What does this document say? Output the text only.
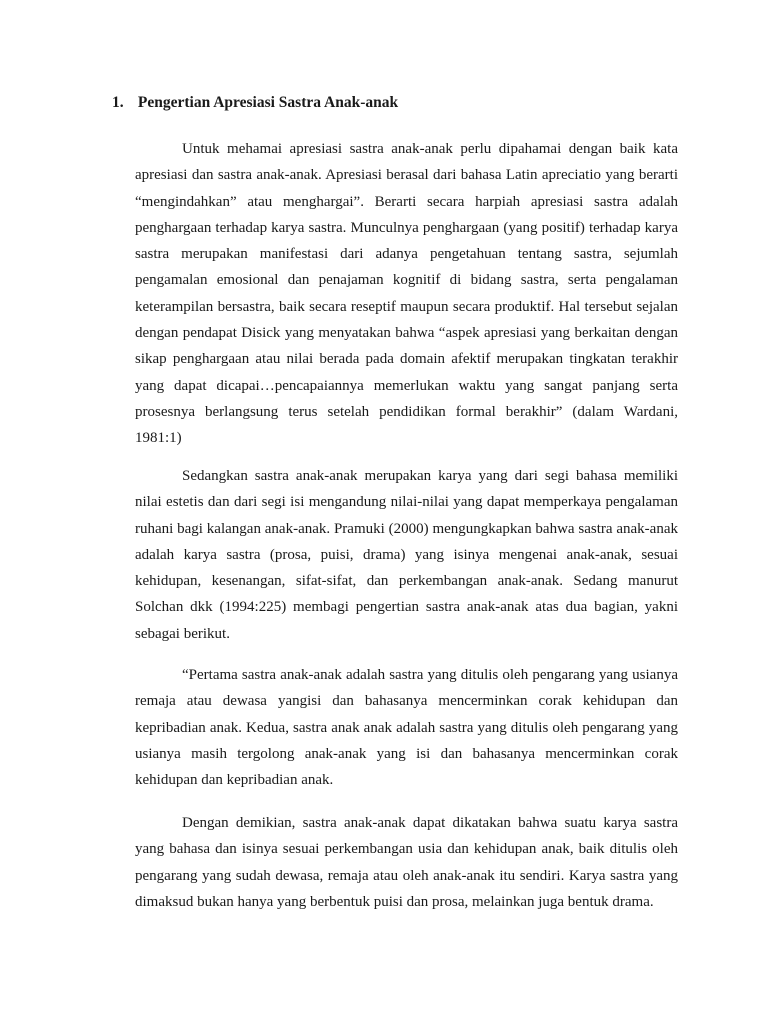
1. Pengertian Apresiasi Sastra Anak-anak

Untuk mehamai apresiasi sastra anak-anak perlu dipahamai dengan baik kata apresiasi dan sastra anak-anak. Apresiasi berasal dari bahasa Latin apreciatio yang berarti “mengindahkan” atau menghargai”. Berarti secara harpiah apresiasi sastra adalah penghargaan terhadap karya sastra. Munculnya penghargaan (yang positif) terhadap karya sastra merupakan manifestasi dari adanya pengetahuan tentang sastra, sejumlah pengamalan emosional dan penajaman kognitif di bidang sastra, serta pengalaman keterampilan bersastra, baik secara reseptif maupun secara produktif. Hal tersebut sejalan dengan pendapat Disick yang menyatakan bahwa “aspek apresiasi yang berkaitan dengan sikap penghargaan atau nilai berada pada domain afektif merupakan tingkatan terakhir yang dapat dicapai…pencapaiannya memerlukan waktu yang sangat panjang serta prosesnya berlangsung terus setelah pendidikan formal berakhir” (dalam Wardani, 1981:1)

Sedangkan sastra anak-anak merupakan karya yang dari segi bahasa memiliki nilai estetis dan dari segi isi mengandung nilai-nilai yang dapat memperkaya pengalaman ruhani bagi kalangan anak-anak. Pramuki (2000) mengungkapkan bahwa sastra anak-anak adalah karya sastra (prosa, puisi, drama) yang isinya mengenai anak-anak, sesuai kehidupan, kesenangan, sifat-sifat, dan perkembangan anak-anak. Sedang manurut Solchan dkk (1994:225) membagi pengertian sastra anak-anak atas dua bagian, yakni sebagai berikut.

“Pertama sastra anak-anak adalah sastra yang ditulis oleh pengarang yang usianya remaja atau dewasa yangisi dan bahasanya mencerminkan corak kehidupan dan kepribadian anak. Kedua, sastra anak anak adalah sastra yang ditulis oleh pengarang yang usianya masih tergolong anak-anak yang isi dan bahasanya mencerminkan corak kehidupan dan kepribadian anak.

Dengan demikian, sastra anak-anak dapat dikatakan bahwa suatu karya sastra yang bahasa dan isinya sesuai perkembangan usia dan kehidupan anak, baik ditulis oleh pengarang yang sudah dewasa, remaja atau oleh anak-anak itu sendiri. Karya sastra yang dimaksud bukan hanya yang berbentuk puisi dan prosa, melainkan juga bentuk drama.
